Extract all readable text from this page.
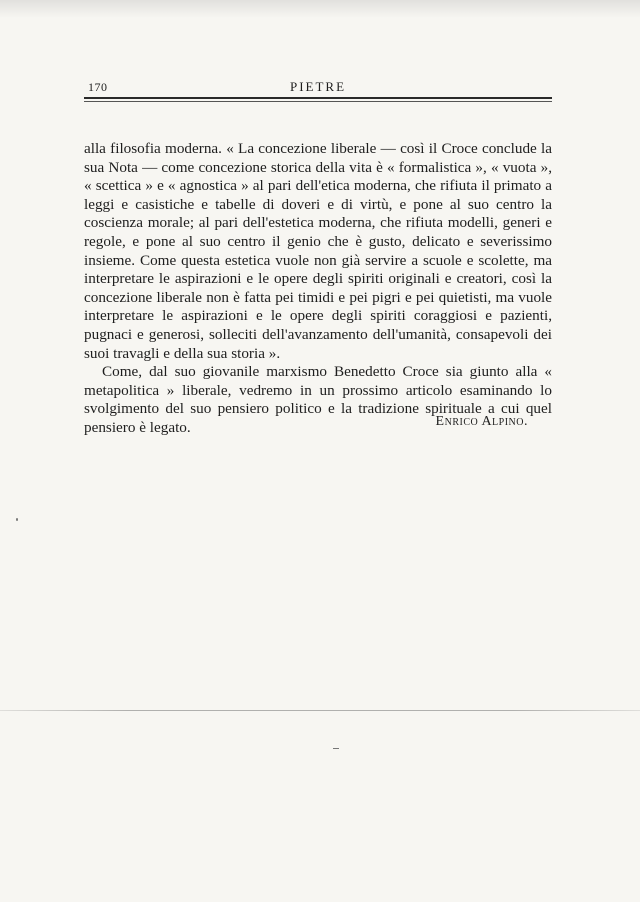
170	PIETRE

alla filosofia moderna. « La concezione liberale — così il Croce conclude la sua Nota — come concezione storica della vita è « formalistica », « vuota », « scettica » e « agnostica » al pari dell'etica moderna, che rifiuta il primato a leggi e casistiche e tabelle di doveri e di virtù, e pone al suo centro la coscienza morale; al pari dell'estetica moderna, che rifiuta modelli, generi e regole, e pone al suo centro il genio che è gusto, delicato e severissimo insieme. Come questa estetica vuole non già servire a scuole e scolette, ma interpretare le aspirazioni e le opere degli spiriti originali e creatori, così la concezione liberale non è fatta pei timidi e pei pigri e pei quietisti, ma vuole interpretare le aspirazioni e le opere degli spiriti coraggiosi e pazienti, pugnaci e generosi, solleciti dell'avanzamento dell'umanità, consapevoli dei suoi travagli e della sua storia ».

Come, dal suo giovanile marxismo Benedetto Croce sia giunto alla « metapolitica » liberale, vedremo in un prossimo articolo esaminando lo svolgimento del suo pensiero politico e la tradizione spirituale a cui quel pensiero è legato.	Enrico Alpino.
